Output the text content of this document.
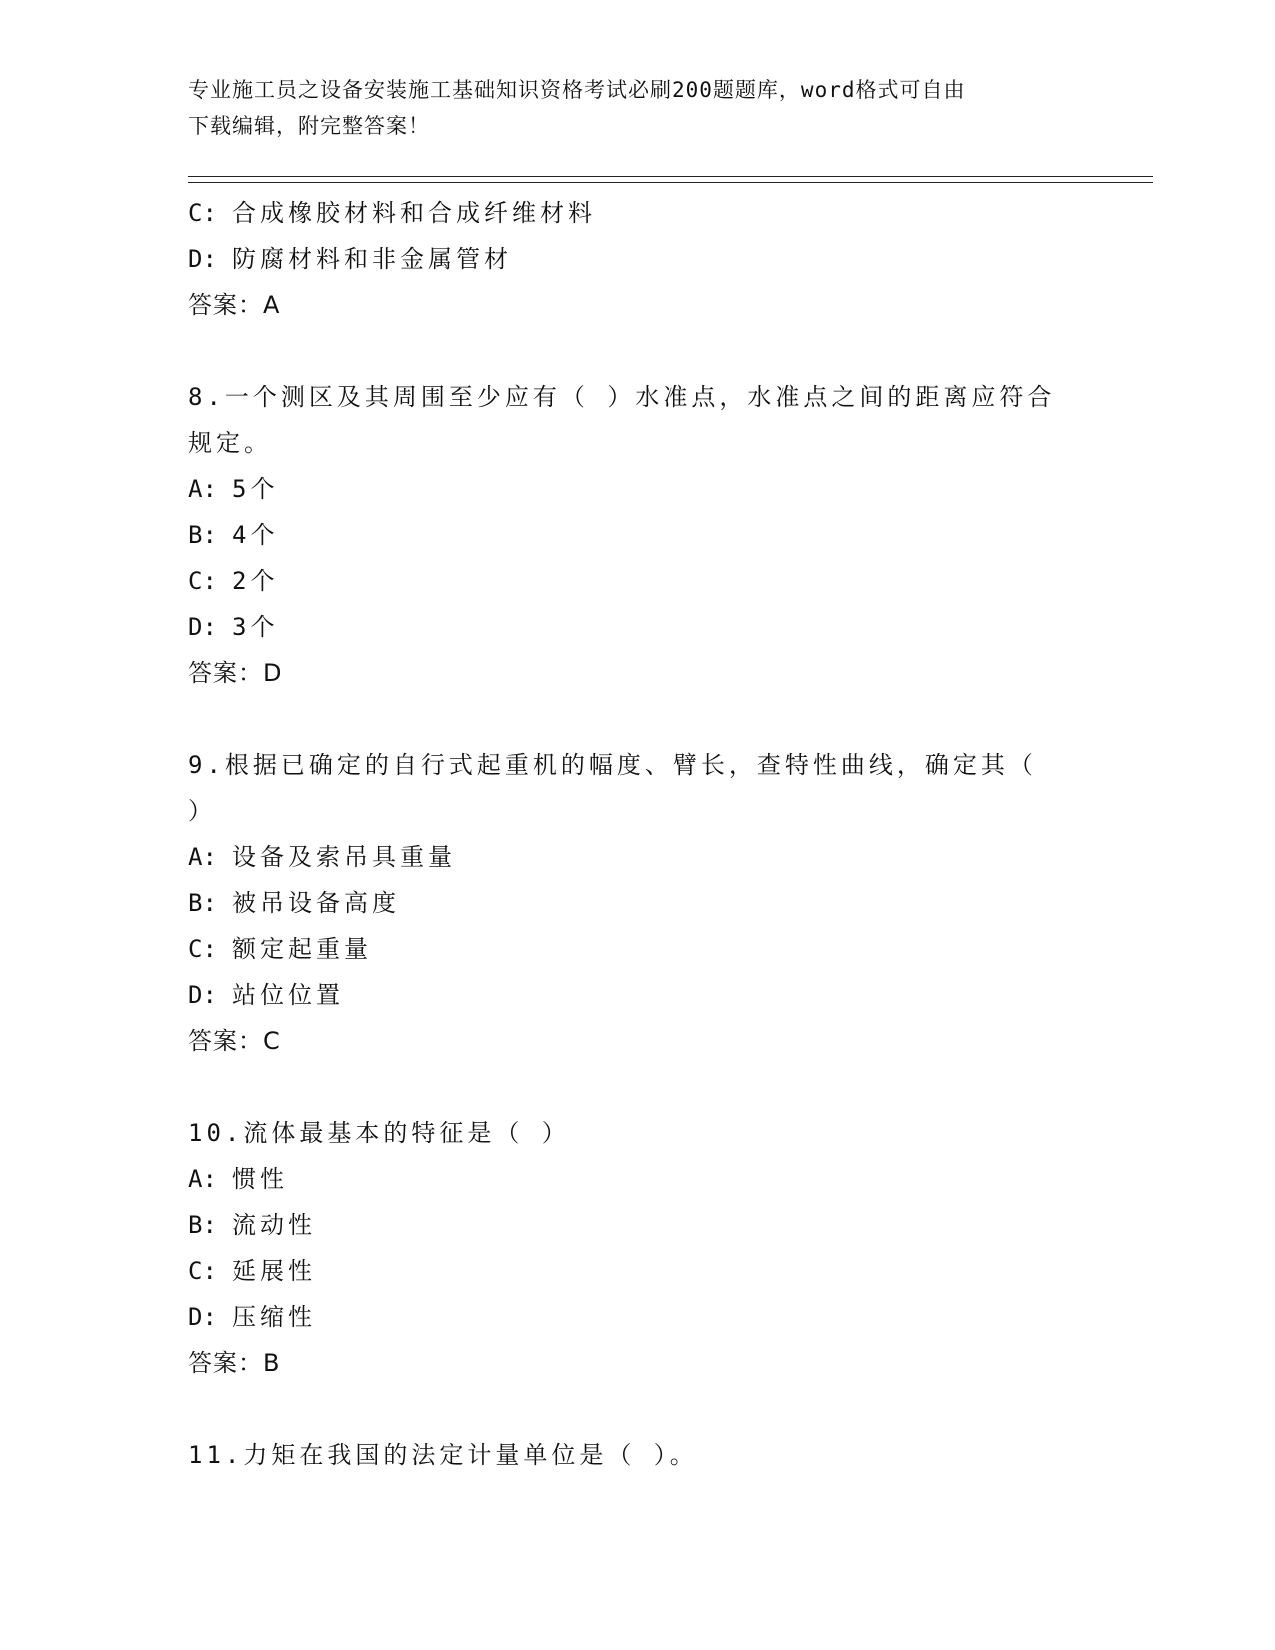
专业施工员之设备安装施工基础知识资格考试必刷200题题库，word格式可自由
下载编辑，附完整答案！
C: 合成橡胶材料和合成纤维材料
D: 防腐材料和非金属管材
答案：A
8.一个测区及其周围至少应有（ ）水准点，水准点之间的距离应符合
规定。
A: 5个
B: 4个
C: 2个
D: 3个
答案：D
9.根据已确定的自行式起重机的幅度、臂长，查特性曲线，确定其（
）
A: 设备及索吊具重量
B: 被吊设备高度
C: 额定起重量
D: 站位位置
答案：C
10.流体最基本的特征是（ ）
A: 惯性
B: 流动性
C: 延展性
D: 压缩性
答案：B
11.力矩在我国的法定计量单位是（ ）。
